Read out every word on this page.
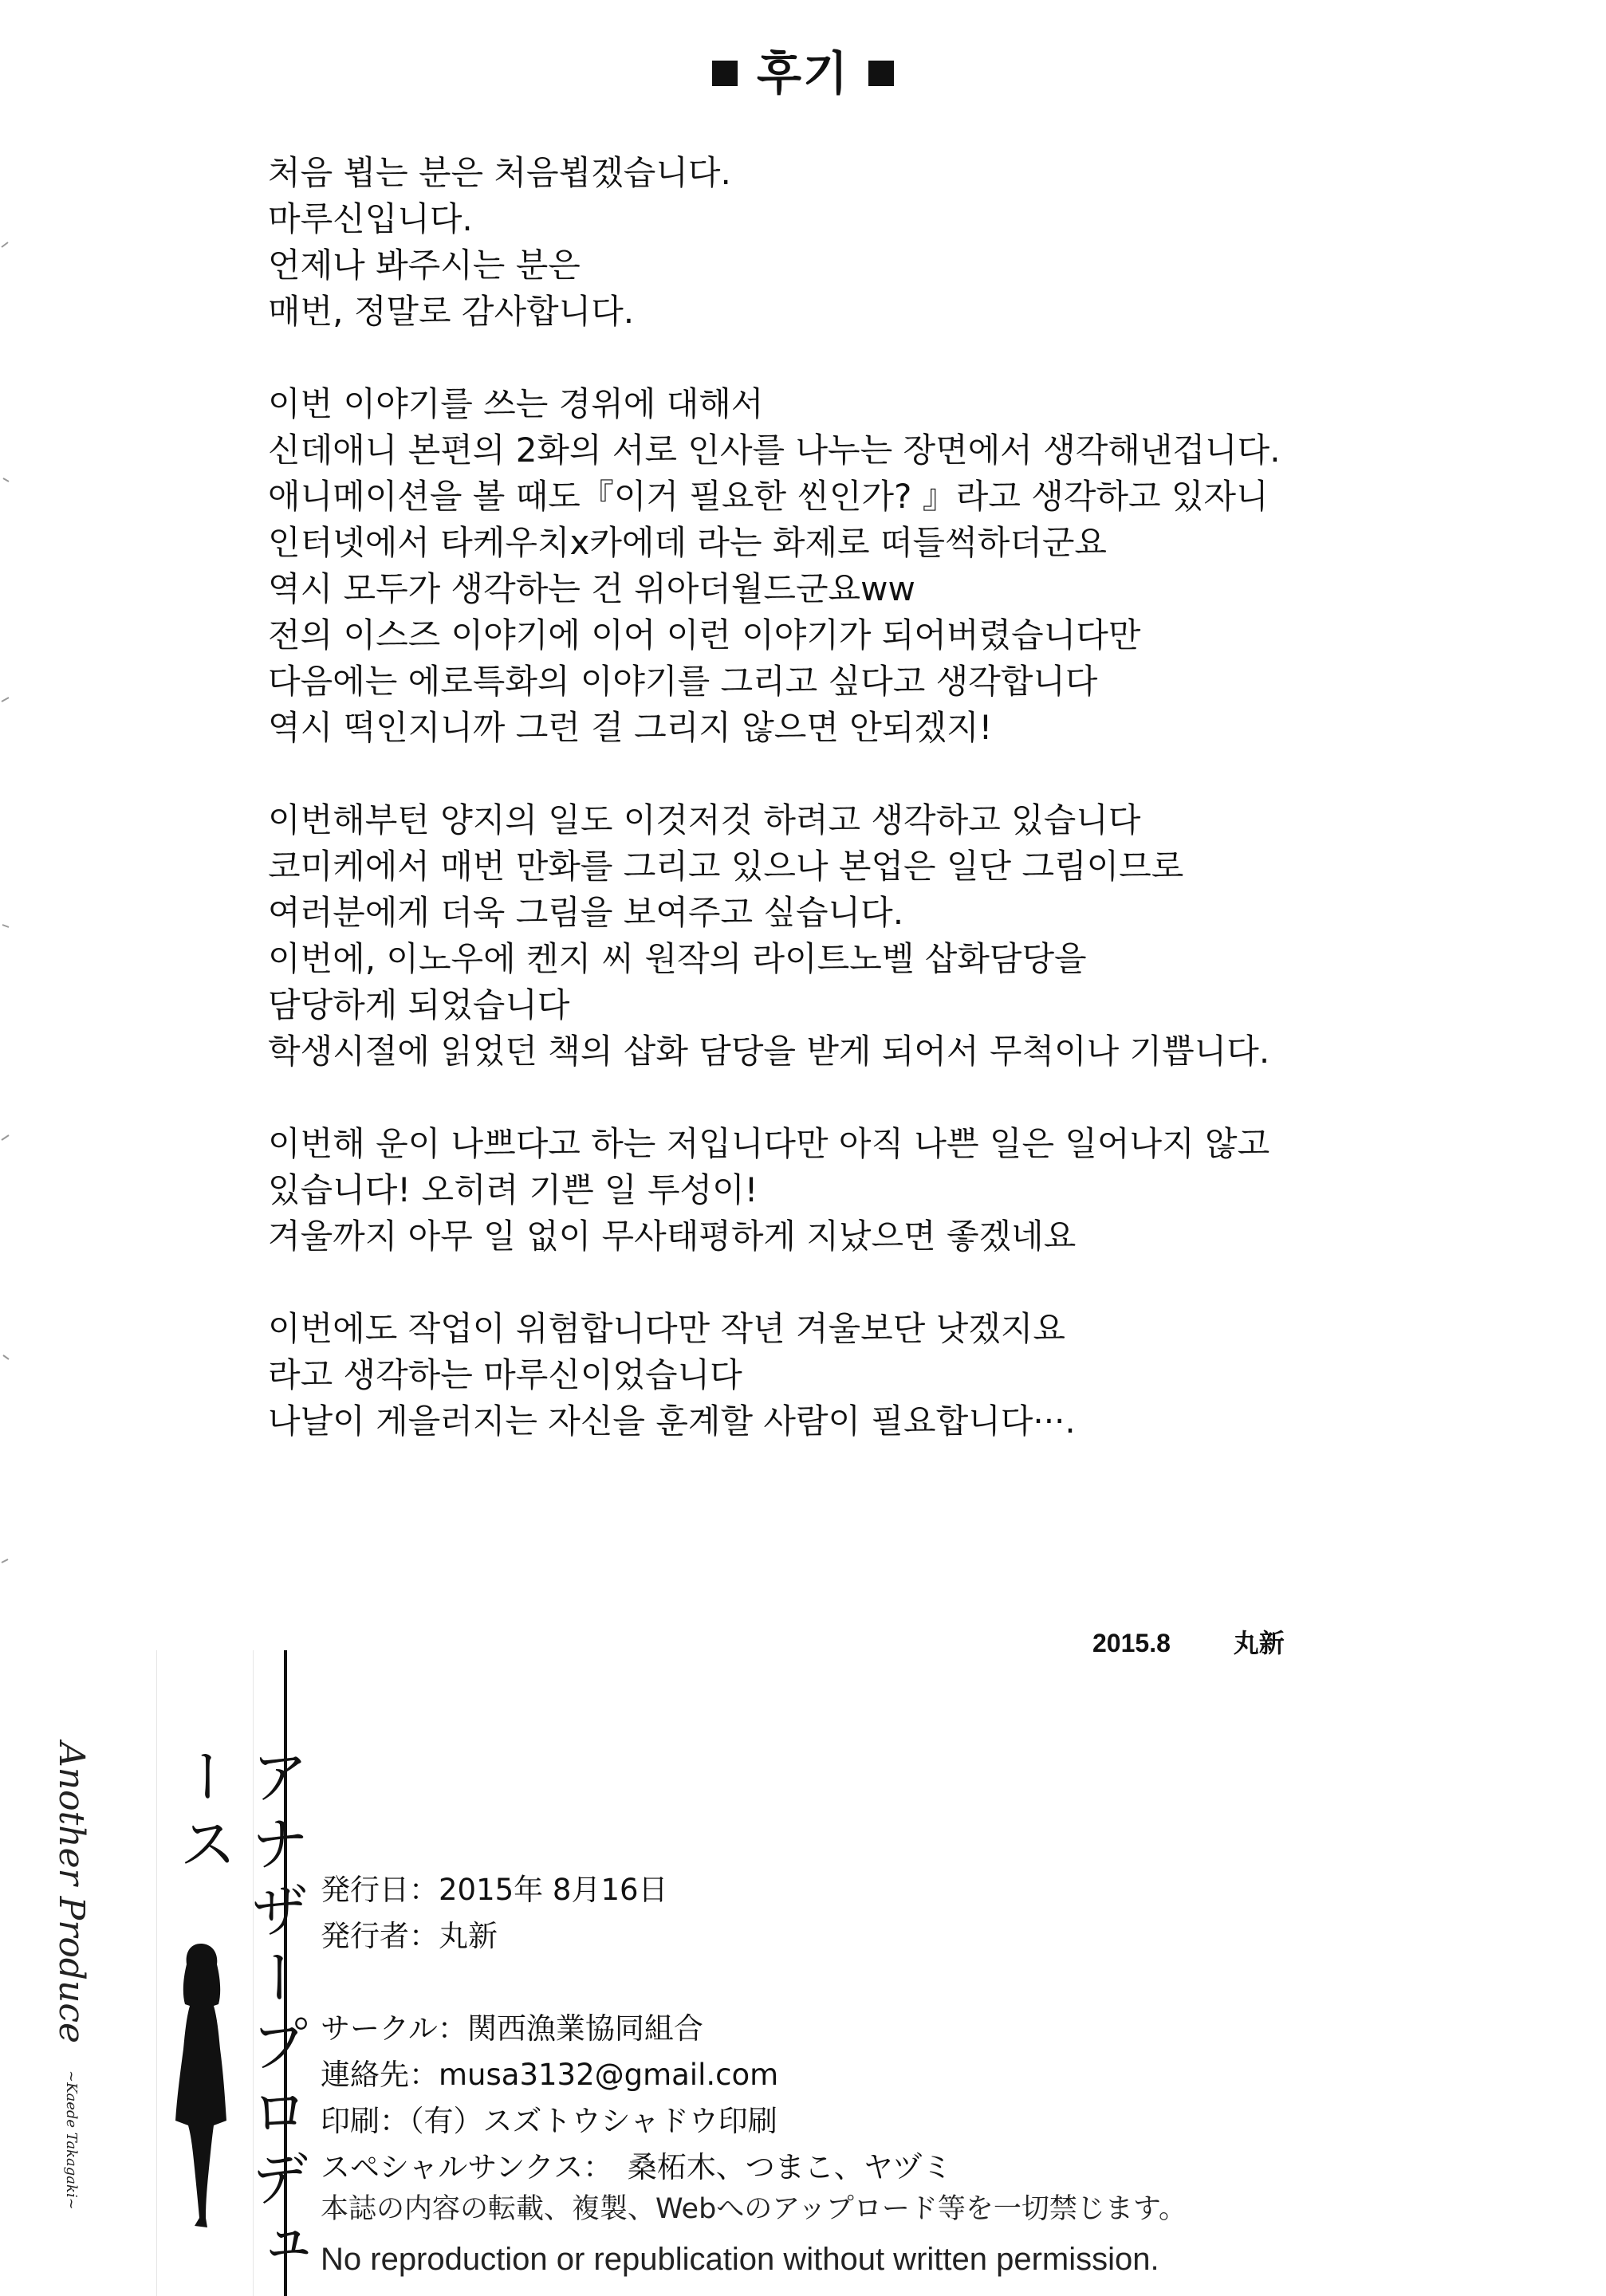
후기
처음 뵙는 분은 처음뵙겠습니다.
마루신입니다.
언제나 봐주시는 분은
매번, 정말로 감사합니다.
이번 이야기를 쓰는 경위에 대해서
신데애니 본편의 2화의 서로 인사를 나누는 장면에서 생각해낸겁니다.
애니메이션을 볼 때도『이거 필요한 씬인가? 』라고 생각하고 있자니
인터넷에서 타케우치x카에데 라는 화제로 떠들썩하더군요
역시 모두가 생각하는 건 위아더월드군요ww
전의 이스즈 이야기에 이어 이런 이야기가 되어버렸습니다만
다음에는 에로특화의 이야기를 그리고 싶다고 생각합니다
역시 떡인지니까 그런 걸 그리지 않으면 안되겠지!
이번해부턴 양지의 일도 이것저것 하려고 생각하고 있습니다
코미케에서 매번 만화를 그리고 있으나 본업은 일단 그림이므로
여러분에게 더욱 그림을 보여주고 싶습니다.
이번에, 이노우에 켄지 씨 원작의 라이트노벨 삽화담당을
담당하게 되었습니다
학생시절에 읽었던 책의 삽화 담당을 받게 되어서 무척이나 기쁩니다.
이번해 운이 나쁘다고 하는 저입니다만 아직 나쁜 일은 일어나지 않고
있습니다! 오히려 기쁜 일 투성이!
겨울까지 아무 일 없이 무사태평하게 지났으면 좋겠네요
이번에도 작업이 위험합니다만 작년 겨울보단 낫겠지요
라고 생각하는 마루신이었습니다
나날이 게을러지는 자신을 훈계할 사람이 필요합니다···.
2015.8 丸新
Another Produce ~Kaede Takagaki~	アナザープロデュース
発行日：2015年 8月16日
発行者：丸新
サークル：関西漁業協同組合
連絡先：musa3132@gmail.com
印刷：（有）スズトウシャドウ印刷
スペシャルサンクス：　桑柘木、つまこ、ヤヅミ
本誌の内容の転載、複製、Webへのアップロード等を一切禁じます。
No reproduction or republication without written permission.
